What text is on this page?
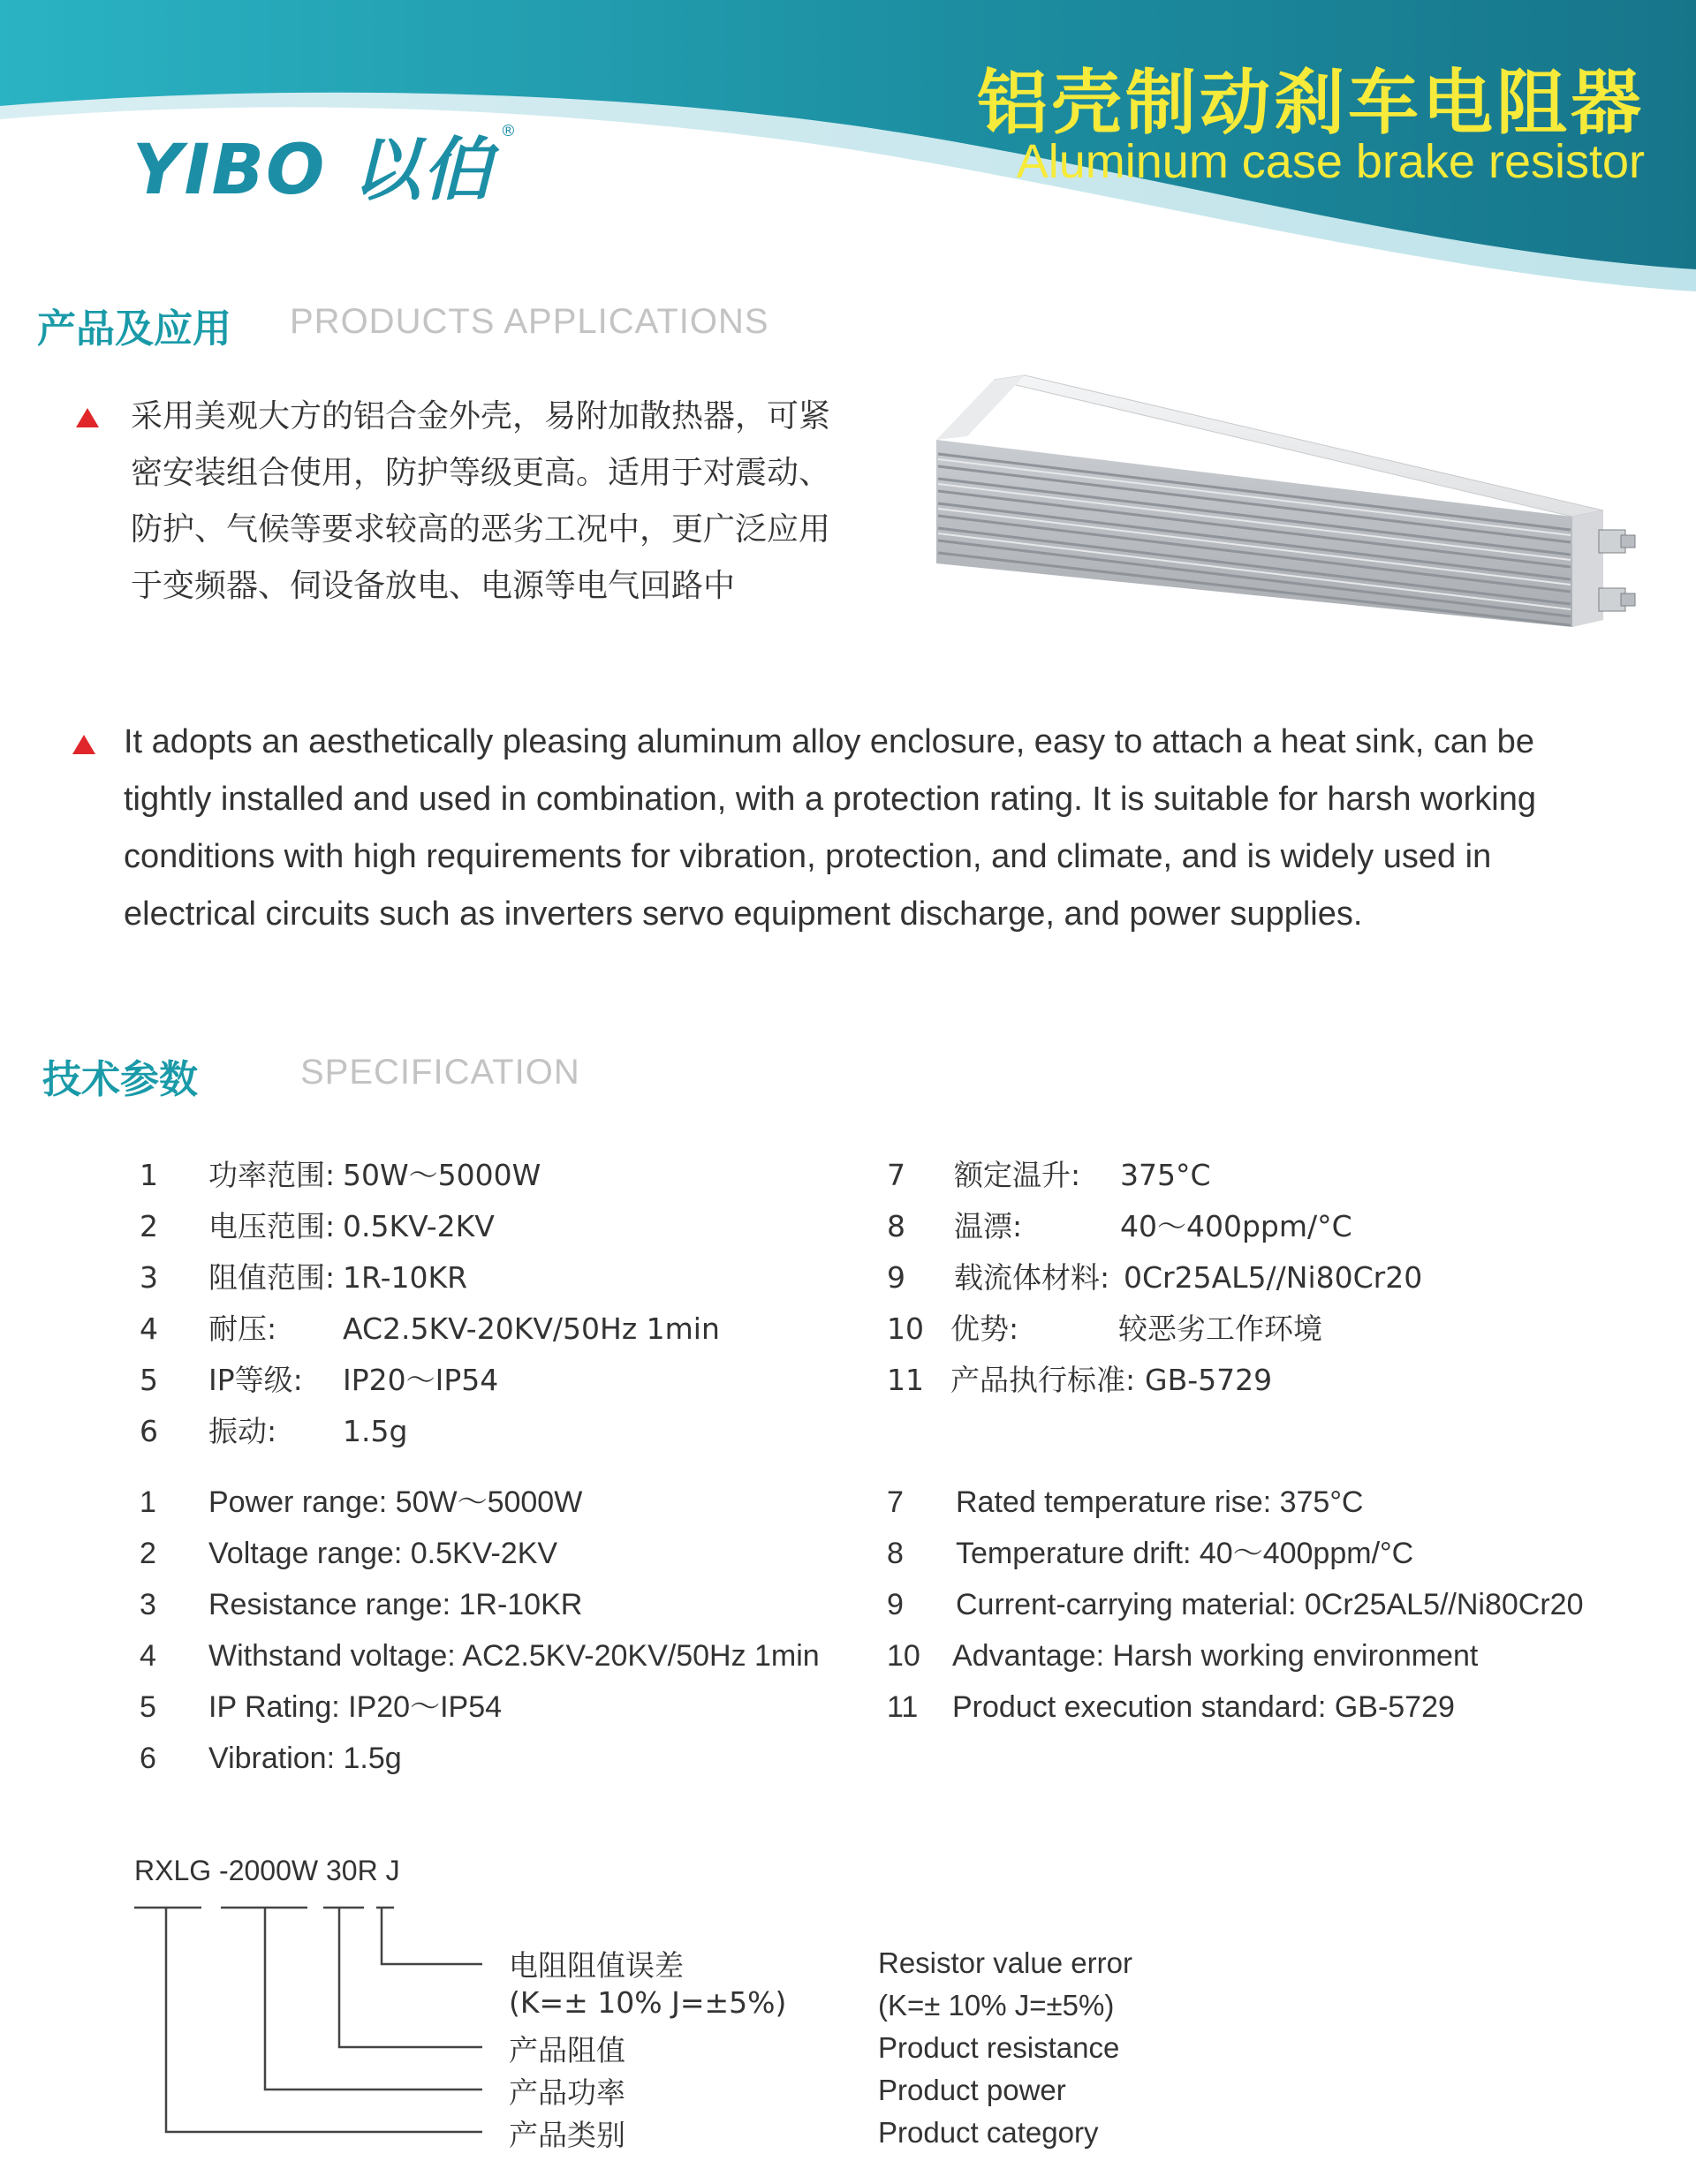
YIBO 以伯 ®	铝壳制动刹车电阻器
Aluminum case brake resistor
产品及应用 PRODUCTS APPLICATIONS

采用美观大方的铝合金外壳，易附加散热器，可紧密安装组合使用，防护等级更高。适用于对震动、防护、气候等要求较高的恶劣工况中，更广泛应用于变频器、伺设备放电、电源等电气回路中

It adopts an aesthetically pleasing aluminum alloy enclosure, easy to attach a heat sink, can be tightly installed and used in combination, with a protection rating. It is suitable for harsh working conditions with high requirements for vibration, protection, and climate, and is widely used in electrical circuits such as inverters servo equipment discharge, and power supplies.

技术参数	SPECIFICATION
1 功率范围: 50W～5000W
2 电压范围: 0.5KV-2KV
3 阻值范围: 1R-10KR
4 耐压: AC2.5KV-20KV/50Hz 1min
5 IP等级: IP20～IP54
6 振动: 1.5g
7 额定温升: 375°C
8 温漂:	40～400ppm/°C
9 载流体材料: 0Cr25AL5//Ni80Cr20
10 优势:	较恶劣工作环境
11 产品执行标准: GB-5729
1 Power range: 50W～5000W
2 Voltage range: 0.5KV-2KV
3 Resistance range: 1R-10KR
4 Withstand voltage: AC2.5KV-20KV/50Hz 1min
5 IP Rating: IP20～IP54
6 Vibration: 1.5g
7 Rated temperature rise: 375°C
8 Temperature drift: 40～400ppm/°C
9 Current-carrying material: 0Cr25AL5//Ni80Cr20
10 Advantage: Harsh working environment
11 Product execution standard: GB-5729
RXLG -2000W 30R J
电阻阻值误差
(K=± 10% J=±5%)
产品阻值
产品功率
产品类别
Resistor value error
(K=± 10% J=±5%)
Product resistance
Product power
Product category
